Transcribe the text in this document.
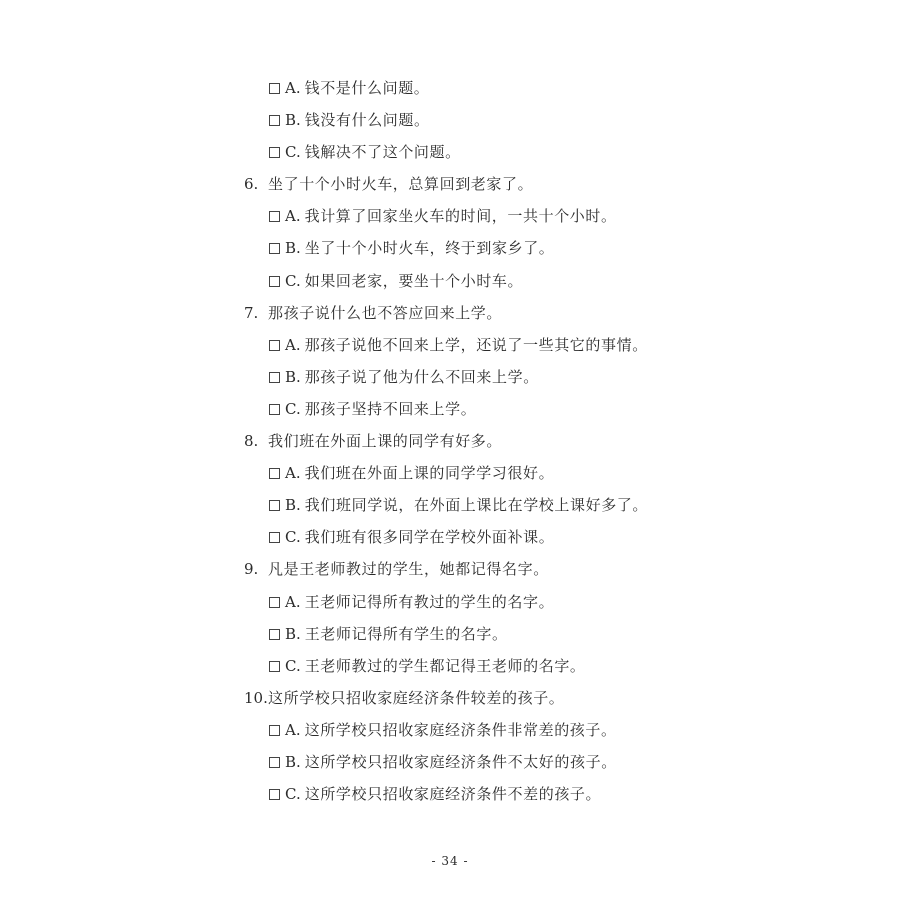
A. 钱不是什么问题。
B. 钱没有什么问题。
C. 钱解决不了这个问题。
6. 坐了十个小时火车，总算回到老家了。
A. 我计算了回家坐火车的时间，一共十个小时。
B. 坐了十个小时火车，终于到家乡了。
C. 如果回老家，要坐十个小时车。
7. 那孩子说什么也不答应回来上学。
A. 那孩子说他不回来上学，还说了一些其它的事情。
B. 那孩子说了他为什么不回来上学。
C. 那孩子坚持不回来上学。
8. 我们班在外面上课的同学有好多。
A. 我们班在外面上课的同学学习很好。
B. 我们班同学说，在外面上课比在学校上课好多了。
C. 我们班有很多同学在学校外面补课。
9. 凡是王老师教过的学生，她都记得名字。
A. 王老师记得所有教过的学生的名字。
B. 王老师记得所有学生的名字。
C. 王老师教过的学生都记得王老师的名字。
10.这所学校只招收家庭经济条件较差的孩子。
A. 这所学校只招收家庭经济条件非常差的孩子。
B. 这所学校只招收家庭经济条件不太好的孩子。
C. 这所学校只招收家庭经济条件不差的孩子。
- 34 -
